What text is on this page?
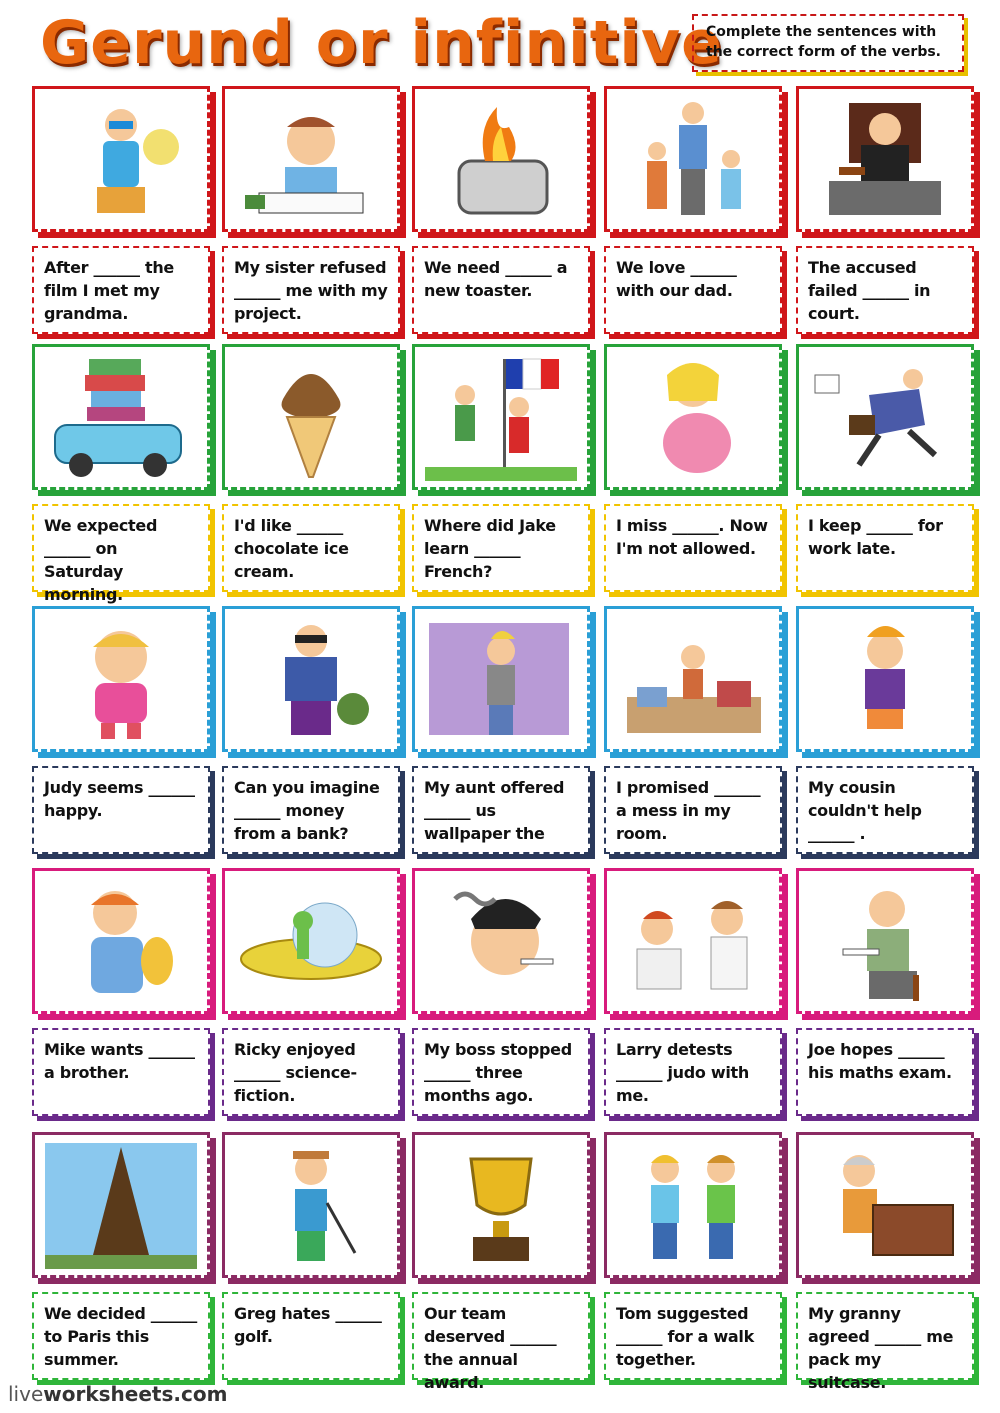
Gerund or infinitive
Complete the sentences with the correct form of the verbs.
After ______ the film I met my grandma.
My sister refused ______ me with my project.
We need ______ a new toaster.
We love ______ with our dad.
The accused failed ______ in court.
We expected ______ on Saturday morning.
I'd like ______ chocolate ice cream.
Where did Jake learn ______ French?
I miss ______. Now I'm not allowed.
I keep ______ for work late.
Judy seems ______ happy.
Can you imagine ______ money from a bank?
My aunt offered ______ us wallpaper the
I promised ______ a mess in my room.
My cousin couldn't help ______ .
Mike wants ______ a brother.
Ricky enjoyed ______ science-fiction.
My boss stopped ______ three months ago.
Larry detests ______ judo with me.
Joe hopes ______ his maths exam.
We decided ______ to Paris this summer.
Greg hates ______ golf.
Our team deserved ______ the annual award.
Tom suggested ______ for a walk together.
My granny agreed ______ me pack my suitcase.
liveworksheets.com
